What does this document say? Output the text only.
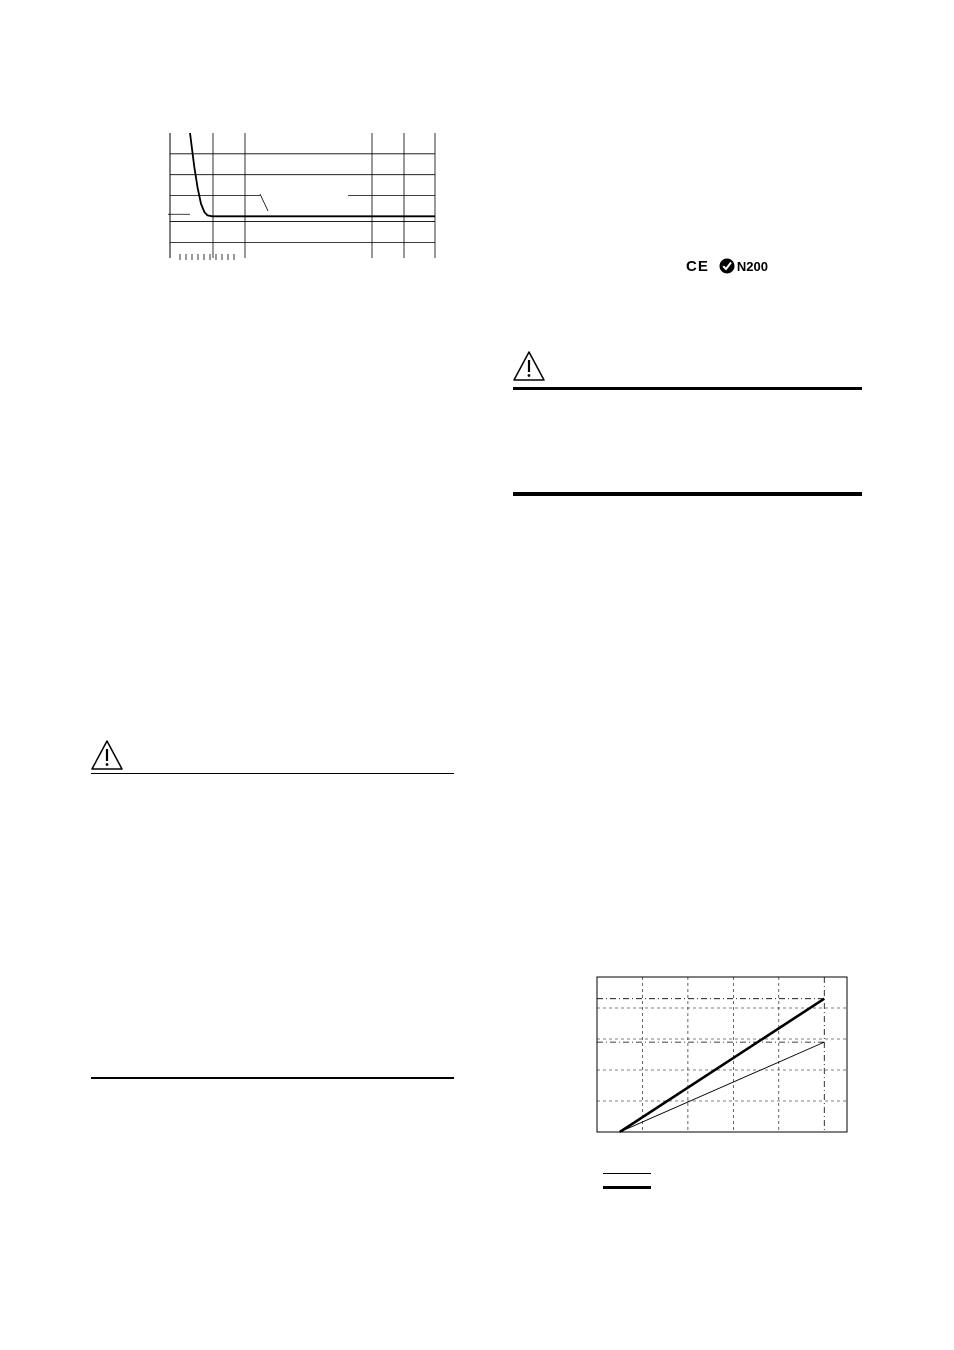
CE N200
